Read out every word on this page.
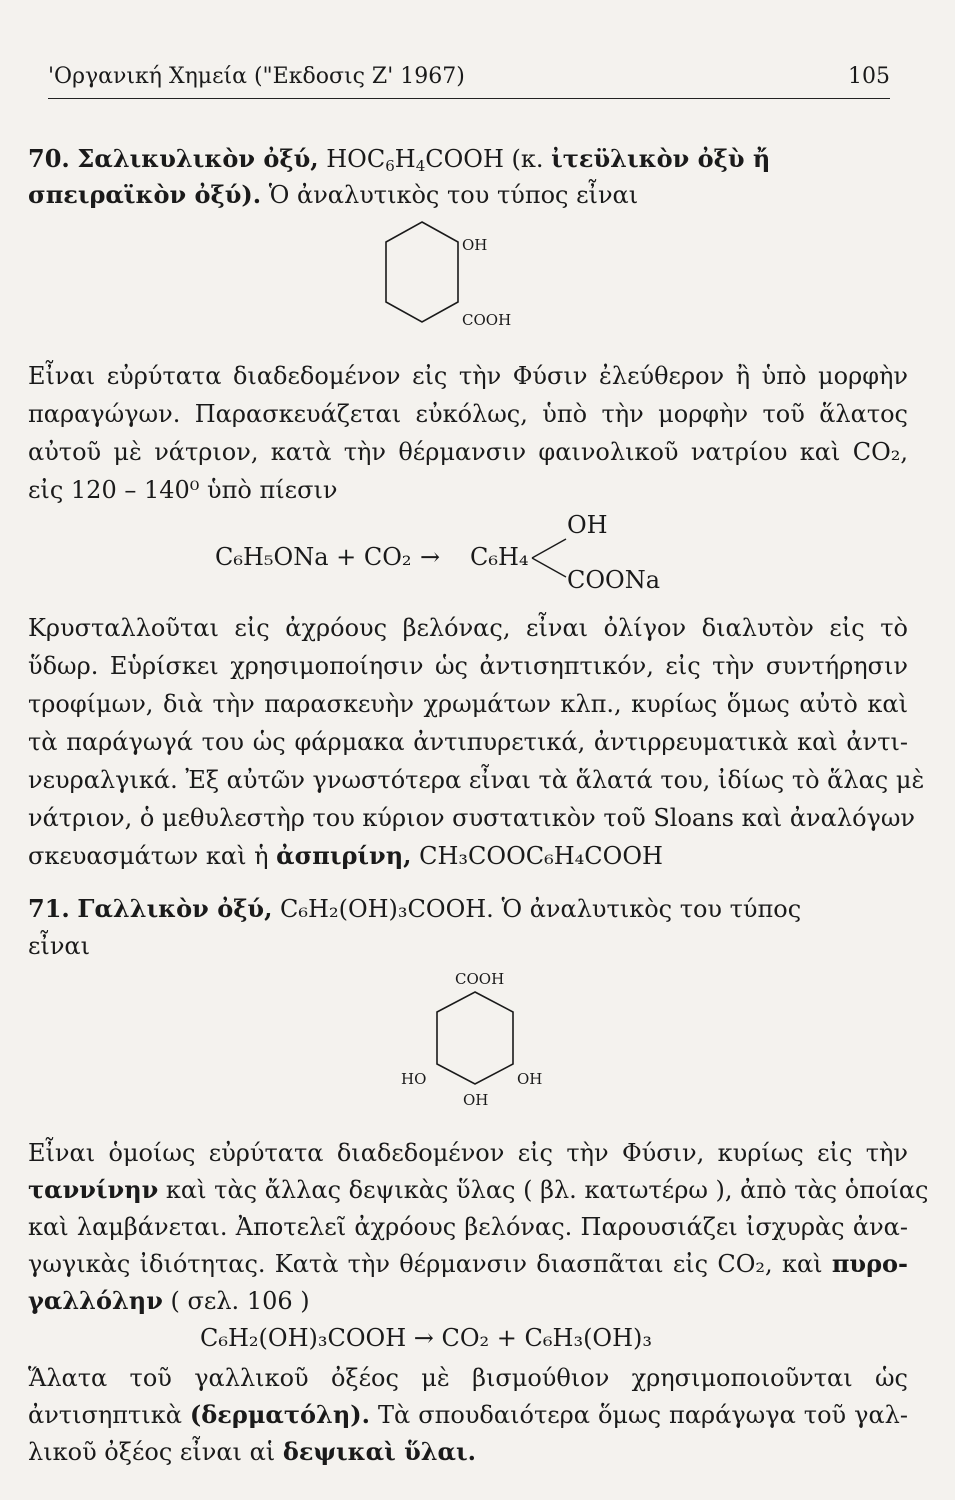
'Οργανική Χημεία ("Εκδοσις Ζ' 1967)	105
70. Σαλικυλικὸν ὀξύ, $HOC_6H_4COOH$ (κ. ἰτεϋλικὸν ὀξὺ ἤ
σπειραϊκὸν ὀξύ). Ὁ ἀναλυτικὸς του τύπος εἶναι
OH
COOH
Εἶναι εὐρύτατα διαδεδομένον εἰς τὴν Φύσιν ἐλεύθερον ἢ ὑπὸ μορφὴν
παραγώγων. Παρασκευάζεται εὐκόλως, ὑπὸ τὴν μορφὴν τοῦ ἅλατος
αὐτοῦ μὲ νάτριον, κατὰ τὴν θέρμανσιν φαινολικοῦ νατρίου καὶ CO₂,
εἰς 120 – 140⁰ ὑπὸ πίεσιν
C₆H₅ONa + CO₂ → C₆H₄
OH
COONa
Κρυσταλλοῦται εἰς ἀχρόους βελόνας, εἶναι ὀλίγον διαλυτὸν εἰς τὸ
ὕδωρ. Εὑρίσκει χρησιμοποίησιν ὡς ἀντισηπτικόν, εἰς τὴν συντήρησιν
τροφίμων, διὰ τὴν παρασκευὴν χρωμάτων κλπ., κυρίως ὅμως αὐτὸ καὶ
τὰ παράγωγά του ὡς φάρμακα ἀντιπυρετικά, ἀντιρρευματικὰ καὶ ἀντι-
νευραλγικά. Ἐξ αὐτῶν γνωστότερα εἶναι τὰ ἅλατά του, ἰδίως τὸ ἅλας μὲ
νάτριον, ὁ μεθυλεστὴρ του κύριον συστατικὸν τοῦ Sloans καὶ ἀναλόγων
σκευασμάτων καὶ ἡ ἀσπιρίνη, CH₃COOC₆H₄COOH
71. Γαλλικὸν ὀξύ, C₆H₂(OH)₃COOH. Ὁ ἀναλυτικὸς του τύπος
εἶναι
COOH
HO	OH
OH
Εἶναι ὁμοίως εὐρύτατα διαδεδομένον εἰς τὴν Φύσιν, κυρίως εἰς τὴν
ταννίνην καὶ τὰς ἄλλας δεψικὰς ὕλας ( βλ. κατωτέρω ), ἀπὸ τὰς ὁποίας
καὶ λαμβάνεται. Ἀποτελεῖ ἀχρόους βελόνας. Παρουσιάζει ἰσχυρὰς ἀνα-
γωγικὰς ἰδιότητας. Κατὰ τὴν θέρμανσιν διασπᾶται εἰς CO₂, καὶ πυρο-
γαλλόλην ( σελ. 106 )
C₆H₂(OH)₃COOH → CO₂ + C₆H₃(OH)₃
Ἅλατα τοῦ γαλλικοῦ ὀξέος μὲ βισμούθιον χρησιμοποιοῦνται ὡς
ἀντισηπτικὰ (δερματόλη). Τὰ σπουδαιότερα ὅμως παράγωγα τοῦ γαλ-
λικοῦ ὀξέος εἶναι αἱ δεψικαὶ ὕλαι.
